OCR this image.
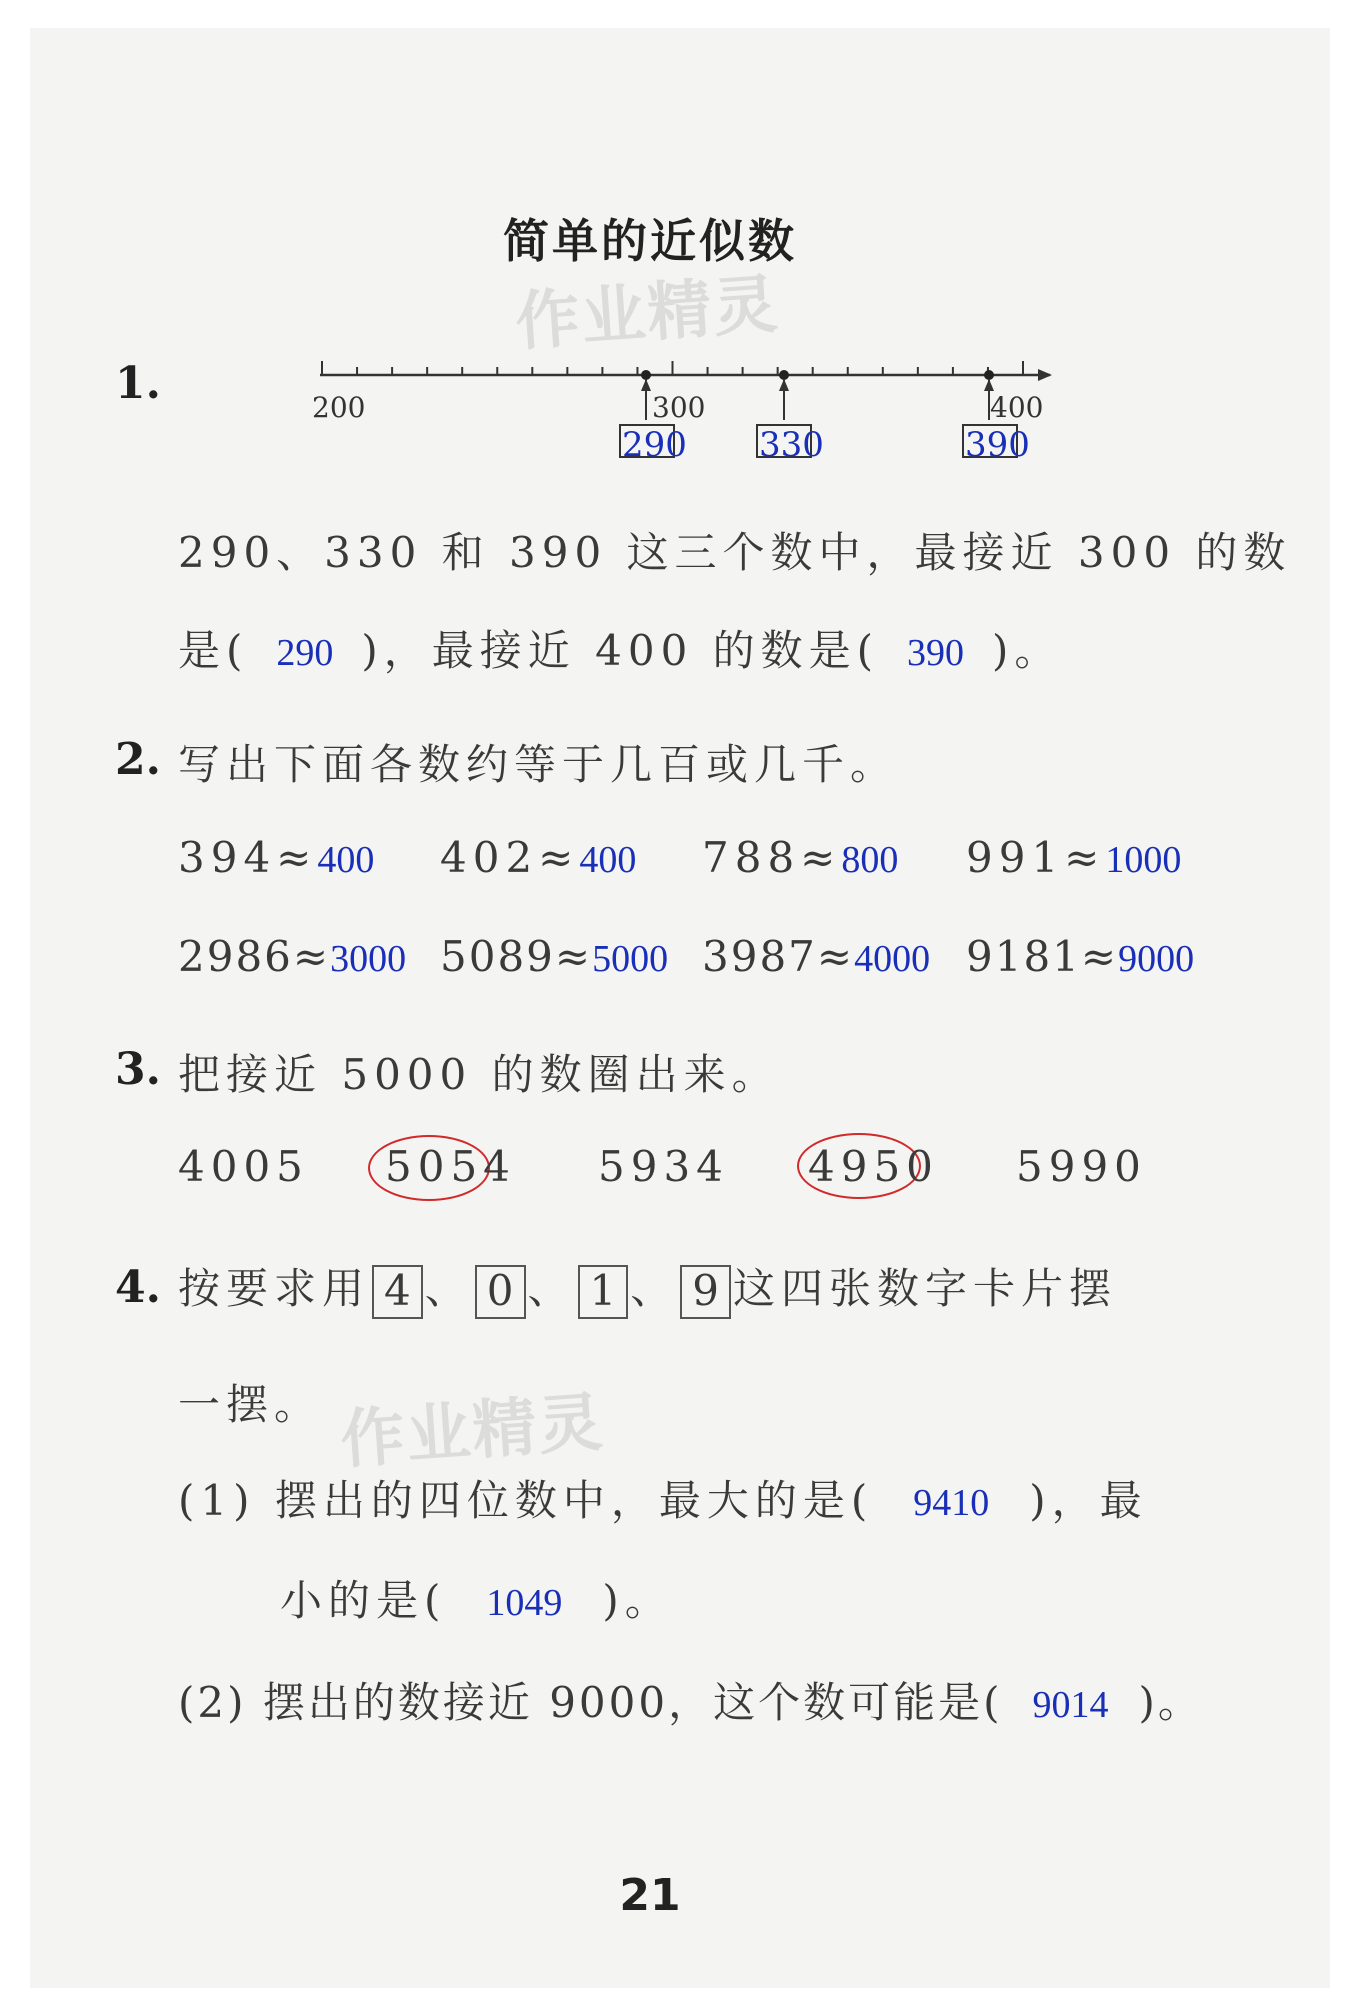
简单的近似数
作业精灵
1.	200	300	400
290 330	390
290、330 和 390 这三个数中，最接近 300 的数
是( 290 )，最接近 400 的数是( 390 )。
2. 写出下面各数约等于几百或几千。
394≈400 402≈400 788≈800 991≈1000
2986≈3000 5089≈5000 3987≈4000 9181≈9000
3. 把接近 5000 的数圈出来。
4005 5054 5934 4950 5990
4. 按要求用 4 、 0 、 1 、 9 这四张数字卡片摆
一摆。 作业精灵
(1) 摆出的四位数中，最大的是( 9410 )，最
小的是( 1049 )。
(2) 摆出的数接近 9000，这个数可能是( 9014 )。
21
